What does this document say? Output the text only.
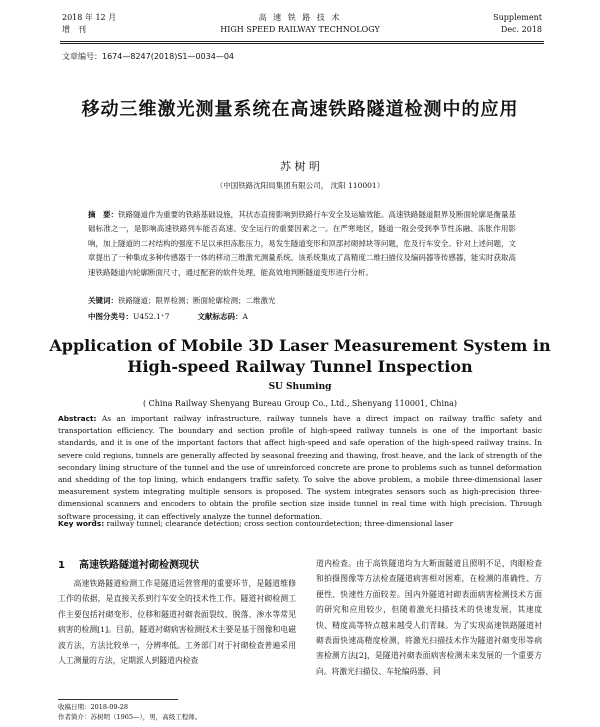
2018 年 12 月
增　刊
高 速 铁 路 技 术
HIGH SPEED RAILWAY TECHNOLOGY
Supplement
Dec. 2018
文章编号：1674—8247(2018)S1—0034—04
移动三维激光测量系统在高速铁路隧道检测中的应用
苏 树 明
（中国铁路沈阳局集团有限公司， 沈阳 110001）
摘　要：铁路隧道作为重要的铁路基础设施，其状态直接影响到铁路行车安全及运输效能。高速铁路隧道限界及断面轮廓是衡量基础标准之一，是影响高速铁路列车能否高速、安全运行的重要因素之一。在严寒地区，隧道一般会受到季节性冻融、冻胀作用影响，加上隧道的二衬结构的强度不足以承担冻胀压力，易发生隧道变形和顶部衬砌掉块等问题，危及行车安全。针对上述问题，文章提出了一种集成多种传感器于一体的移动三维激光测量系统。该系统集成了高精度二维扫描仪及编码器等传感器，能实时获取高速铁路隧道内轮廓断面尺寸，通过配套的软件处理，能高效地判断隧道变形进行分析。
关键词：铁路隧道；限界检测；断面轮廓检测；二维激光
中图分类号：U452.1⁺7	文献标志码：A
Application of Mobile 3D Laser Measurement System in
High-speed Railway Tunnel Inspection
SU Shuming
( China Railway Shenyang Bureau Group Co., Ltd., Shenyang 110001, China)
Abstract: As an important railway infrastructure, railway tunnels have a direct impact on railway traffic safety and transportation efficiency. The boundary and section profile of high-speed railway tunnels is one of the important basic standards, and it is one of the important factors that affect high-speed and safe operation of the high-speed railway trains. In severe cold regions, tunnels are generally affected by seasonal freezing and thawing, frost heave, and the lack of strength of the secondary lining structure of the tunnel and the use of unreinforced concrete are prone to problems such as tunnel deformation and shedding of the top lining, which endangers traffic safety. To solve the above problem, a mobile three-dimensional laser measurement system integrating multiple sensors is proposed. The system integrates sensors such as high-precision three-dimensional scanners and encoders to obtain the profile section size inside tunnel in real time with high precision. Through software processing, it can effectively analyze the tunnel deformation.
Key words: railway tunnel; clearance detection; cross section contourdetection; three-dimensional laser
1 高速铁路隧道衬砌检测现状
高速铁路隧道检测工作是隧道运营管理的重要环节，是隧道维修工作的依据，是直接关系到行车安全的技术性工作。隧道衬砌检测工作主要包括衬砌变形、位移和隧道衬砌表面裂纹、脱落、渗水等常见病害的检测[1]。目前，隧道衬砌病害检测技术主要是基于图像和电磁波方法，方法比较单一，分辨率低。工务部门对于衬砌检查普遍采用人工测量的方法，定期派人到隧道内检查
道内检查。由于高铁隧道均为大断面隧道且照明不足，肉眼检查和拍摄图像等方法检查隧道病害相对困难，在检测的准确性、方便性、快速性方面较差。国内外隧道衬砌表面病害检测技术方面的研究和应用较少，但随着激光扫描技术的快速发展，其速度快、精度高等特点越来越受人们青睐。为了实现高速铁路隧道衬砌表面快速高精度检测，将激光扫描技术作为隧道衬砌变形等病害检测方法[2]，是隧道衬砌表面病害检测未来发展的一个重要方向。将激光扫描仪、车轮编码器、同
收稿日期：2018-09-28
作者简介：苏树明（1965—），男，高级工程师。
